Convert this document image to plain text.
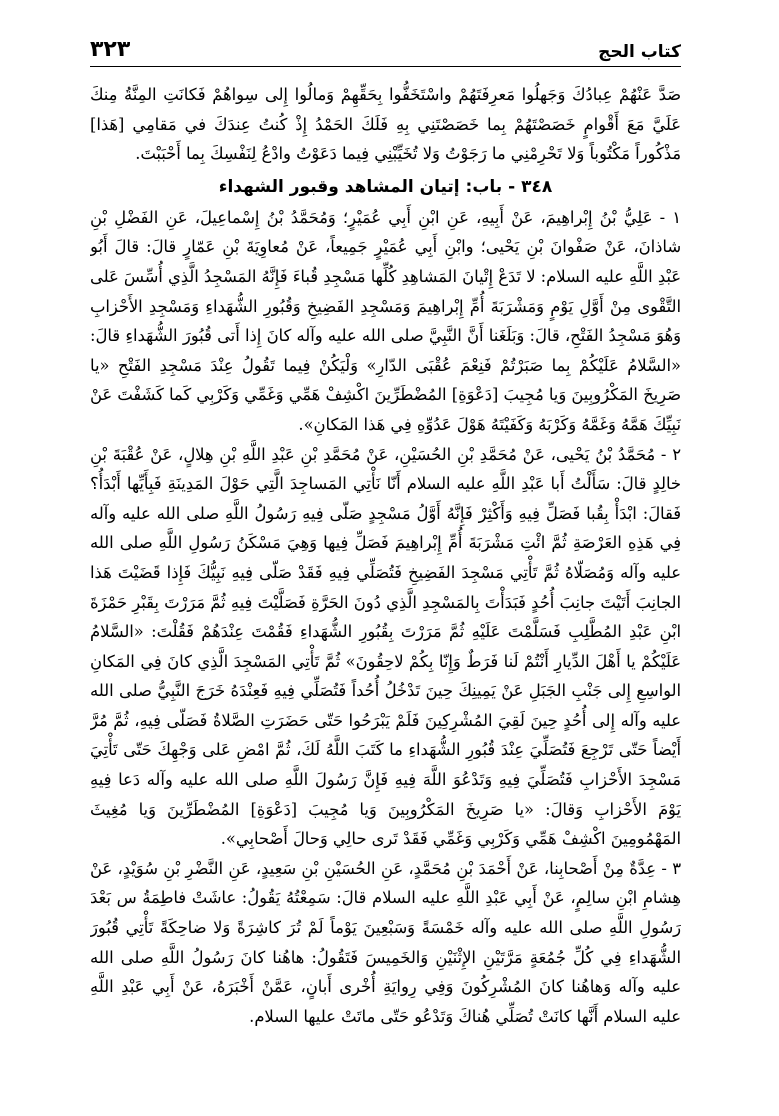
كتاب الحج
٣٢٣

صَدَّ عَنْهُمْ عِبادُكَ وَجَهلُوا مَعرِفَتَهُمْ واسْتَخَفُّوا بِحَقِّهِمْ وَمالُوا إِلى سِواهُمْ فَكانَتِ المِنَّةُ مِنكَ عَلَيَّ مَعَ أَقْوامٍ خَصَصْتَهُمْ بِما خَصَصْتَنِي بِهِ فَلَكَ الحَمْدُ إِذْ كُنتُ عِندَكَ في مَقامِي [هَذا] مَذْكُوراً مَكْتُوباً وَلا تَحْرِمْنِي ما رَجَوْتُ وَلا تُخَيِّبْنِي فِيما دَعَوْتُ وادْعُ لِنَفْسِكَ بِما أَحْبَبْتَ.

٣٤٨ - باب: إتيان المشاهد وقبور الشهداء

١ - عَلِيُّ بْنُ إِبْراهِيمَ، عَنْ أَبِيهِ، عَنِ ابْنِ أَبِي عُمَيْرٍ؛ وَمُحَمَّدُ بْنُ إِسْماعِيلَ، عَنِ الفَضْلِ بْنِ شاذانَ، عَنْ صَفْوانَ بْنِ يَحْيى؛ وابْنِ أَبِي عُمَيْرٍ جَمِيعاً، عَنْ مُعاوِيَةَ بْنِ عَمّارٍ قالَ: قالَ أَبُو عَبْدِ اللَّهِ عليه السلام: لا تَدَعْ إِتْيانَ المَشاهِدِ كُلِّها مَسْجِدِ قُباءَ فَإِنَّهُ المَسْجِدُ الَّذِي أُسِّسَ عَلى التَّقْوى مِنْ أَوَّلِ يَوْمٍ وَمَشْرَبَةَ أُمِّ إِبْراهِيمَ وَمَسْجِدِ الفَضِيخِ وَقُبُورِ الشُّهَداءِ وَمَسْجِدِ الأَحْزابِ وَهُوَ مَسْجِدُ الفَتْحِ، قالَ: وَبَلَغَنا أَنَّ النَّبِيَّ صلى الله عليه وآله كانَ إِذا أَتى قُبُورَ الشُّهَداءِ قالَ: «السَّلامُ عَلَيْكُمْ بِما صَبَرْتُمْ فَنِعْمَ عُقْبَى الدّارِ» وَلْيَكُنْ فِيما تَقُولُ عِنْدَ مَسْجِدِ الفَتْحِ «يا صَرِيخَ المَكْرُوبِينَ وَيا مُجِيبَ [دَعْوَةِ] المُضْطَرِّينَ اكْشِفْ هَمِّي وَغَمِّي وَكَرْبِي كَما كَشَفْتَ عَنْ نَبِيِّكَ هَمَّهُ وَغَمَّهُ وَكَرْبَهُ وَكَفَيْتَهُ هَوْلَ عَدُوِّهِ فِي هَذا المَكانِ».

٢ - مُحَمَّدُ بْنُ يَحْيى، عَنْ مُحَمَّدِ بْنِ الحُسَيْنِ، عَنْ مُحَمَّدِ بْنِ عَبْدِ اللَّهِ بْنِ هِلالٍ، عَنْ عُقْبَةَ بْنِ خالِدٍ قالَ: سَأَلْتُ أَبا عَبْدِ اللَّهِ عليه السلام أَنّا نَأْتِي المَساجِدَ الَّتِي حَوْلَ المَدِينَةِ فَبِأَيِّها أَبْدَأُ؟ فَقالَ: ابْدَأْ بِقُبا فَصَلِّ فِيهِ وَأَكْثِرْ فَإِنَّهُ أَوَّلُ مَسْجِدٍ صَلّى فِيهِ رَسُولُ اللَّهِ صلى الله عليه وآله فِي هَذِهِ العَرْصَةِ ثُمَّ ائْتِ مَشْرَبَةَ أُمِّ إِبْراهِيمَ فَصَلِّ فِيها وَهِيَ مَسْكَنُ رَسُولِ اللَّهِ صلى الله عليه وآله وَمُصَلّاهُ ثُمَّ تَأْتِي مَسْجِدَ الفَضِيخِ فَتُصَلِّي فِيهِ فَقَدْ صَلّى فِيهِ نَبِيُّكَ فَإِذا قَضَيْتَ هَذا الجانِبَ أَتَيْتَ جانِبَ أُحُدٍ فَبَدَأْتَ بِالمَسْجِدِ الَّذِي دُونَ الحَرَّةِ فَصَلَّيْتَ فِيهِ ثُمَّ مَرَرْتَ بِقَبْرِ حَمْزَةَ ابْنِ عَبْدِ المُطَّلِبِ فَسَلَّمْتَ عَلَيْهِ ثُمَّ مَرَرْتَ بِقُبُورِ الشُّهَداءِ فَقُمْتَ عِنْدَهُمْ فَقُلْتَ: «السَّلامُ عَلَيْكُمْ يا أَهْلَ الدِّيارِ أَنْتُمْ لَنا فَرَطٌ وَإِنّا بِكُمْ لاحِقُونَ» ثُمَّ تَأْتِي المَسْجِدَ الَّذِي كانَ فِي المَكانِ الواسِعِ إِلى جَنْبِ الجَبَلِ عَنْ يَمِينِكَ حِينَ تَدْخُلُ أُحُداً فَتُصَلِّي فِيهِ فَعِنْدَهُ خَرَجَ النَّبِيُّ صلى الله عليه وآله إِلى أُحُدٍ حِينَ لَقِيَ المُشْرِكِينَ فَلَمْ يَبْرَحُوا حَتّى حَضَرَتِ الصَّلاةُ فَصَلّى فِيهِ، ثُمَّ مُرَّ أَيْضاً حَتّى تَرْجِعَ فَتُصَلِّيَ عِنْدَ قُبُورِ الشُّهَداءِ ما كَتَبَ اللَّهُ لَكَ، ثُمَّ امْضِ عَلى وَجْهِكَ حَتّى تَأْتِيَ مَسْجِدَ الأَحْزابِ فَتُصَلِّيَ فِيهِ وَتَدْعُوَ اللَّهَ فِيهِ فَإِنَّ رَسُولَ اللَّهِ صلى الله عليه وآله دَعا فِيهِ يَوْمَ الأَحْزابِ وَقالَ: «يا صَرِيخَ المَكْرُوبِينَ وَيا مُجِيبَ [دَعْوَةِ] المُضْطَرِّينَ وَيا مُغِيثَ المَهْمُومِينَ اكْشِفْ هَمِّي وَكَرْبِي وَغَمِّي فَقَدْ تَرى حالِي وَحالَ أَصْحابِي».

٣ - عِدَّةٌ مِنْ أَصْحابِنا، عَنْ أَحْمَدَ بْنِ مُحَمَّدٍ، عَنِ الحُسَيْنِ بْنِ سَعِيدٍ، عَنِ النَّضْرِ بْنِ سُوَيْدٍ، عَنْ هِشامِ ابْنِ سالِمٍ، عَنْ أَبِي عَبْدِ اللَّهِ عليه السلام قالَ: سَمِعْتُهُ يَقُولُ: عاشَتْ فاطِمَةُ س بَعْدَ رَسُولِ اللَّهِ صلى الله عليه وآله خَمْسَةً وَسَبْعِينَ يَوْماً لَمْ تُرَ كاشِرَةً وَلا ضاحِكَةً تَأْتِي قُبُورَ الشُّهَداءِ فِي كُلِّ جُمُعَةٍ مَرَّتَيْنِ الإِثْنَيْنِ وَالخَمِيسَ فَتَقُولُ: هاهُنا كانَ رَسُولُ اللَّهِ صلى الله عليه وآله وَهاهُنا كانَ المُشْرِكُونَ وَفِي رِوايَةِ أُخْرى أَبانٍ، عَمَّنْ أَخْبَرَهُ، عَنْ أَبِي عَبْدِ اللَّهِ عليه السلام أَنَّها كانَتْ تُصَلِّي هُناكَ وَتَدْعُو حَتّى ماتَتْ عليها السلام.
